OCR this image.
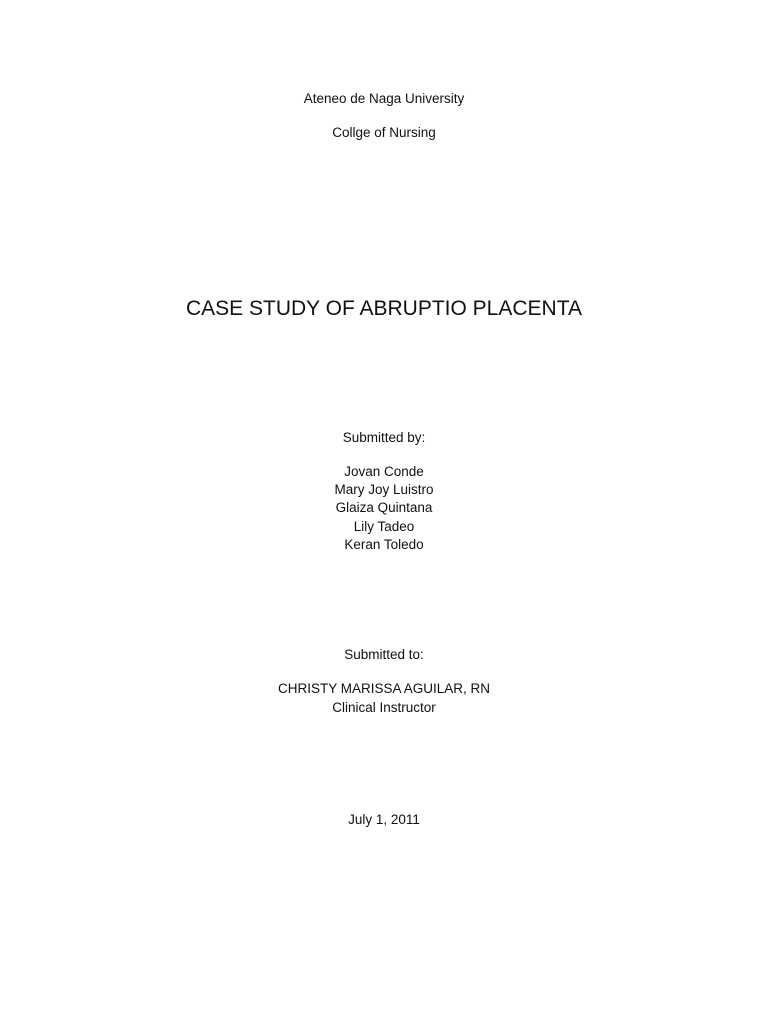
Ateneo de Naga University
Collge of Nursing
CASE STUDY OF ABRUPTIO PLACENTA
Submitted by:
Jovan Conde
Mary Joy Luistro
Glaiza Quintana
Lily Tadeo
Keran Toledo
Submitted to:
CHRISTY MARISSA AGUILAR, RN
Clinical Instructor
July 1, 2011
